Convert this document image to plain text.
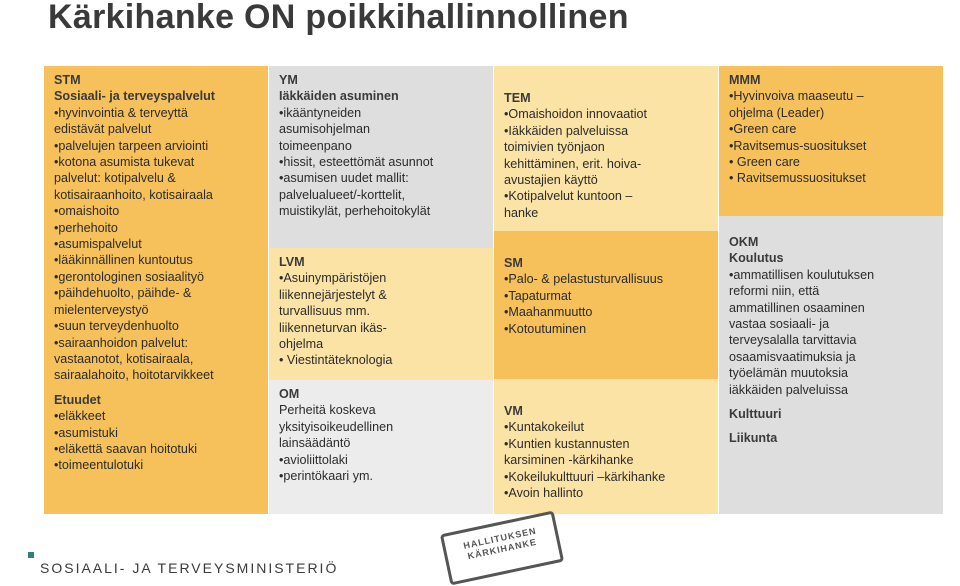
Kärkihanke ON poikkihallinnollinen
STM
Sosiaali- ja terveyspalvelut
•hyvinvointia & terveyttä
edistävät palvelut
•palvelujen tarpeen arviointi
•kotona asumista tukevat
palvelut: kotipalvelu &
kotisairaanhoito, kotisairaala
•omaishoito
•perhehoito
•asumispalvelut
•lääkinnällinen kuntoutus
•gerontologinen sosiaalityö
•päihdehuolto, päihde- &
mielenterveystyö
•suun terveydenhuolto
•sairaanhoidon palvelut:
vastaanotot, kotisairaala,
sairaalahoito, hoitotarvikkeet
Etuudet
•eläkkeet
•asumistuki
•eläkettä saavan hoitotuki
•toimeentulotuki
YM
Iäkkäiden asuminen
•ikääntyneiden
asumisohjelman
toimeenpano
•hissit, esteettömät asunnot
•asumisen uudet mallit:
palvelualueet/-korttelit,
muistikylät, perhehoitokylät
LVM
•Asuinympäristöjen
liikennejärjestelyt &
turvallisuus mm.
liikenneturvan ikäs-
ohjelma
• Viestintäteknologia
OM
Perheitä koskeva
yksityisoikeudellinen
lainsäädäntö
•avioliittolaki
•perintökaari ym.
TEM
•Omaishoidon innovaatiot
•Iäkkäiden palveluissa
toimivien työnjaon
kehittäminen, erit. hoiva-
avustajien käyttö
•Kotipalvelut kuntoon –
hanke
SM
•Palo- & pelastusturvallisuus
•Tapaturmat
•Maahanmuutto
•Kotoutuminen
VM
•Kuntakokeilut
•Kuntien kustannusten
karsiminen -kärkihanke
•Kokeilukulttuuri –kärkihanke
•Avoin hallinto
MMM
•Hyvinvoiva maaseutu –
ohjelma (Leader)
•Green care
•Ravitsemus-suositukset
• Green care
• Ravitsemussuositukset
OKM
Koulutus
•ammatillisen koulutuksen
reformi niin, että
ammatillinen osaaminen
vastaa sosiaali- ja
terveysalalla tarvittavia
osaamisvaatimuksia ja
työelämän muutoksia
iäkkäiden palveluissa
Kulttuuri
Liikunta
SOSIAALI- JA TERVEYSMINISTERIÖ
HALLITUKSEN KÄRKIHANKE
